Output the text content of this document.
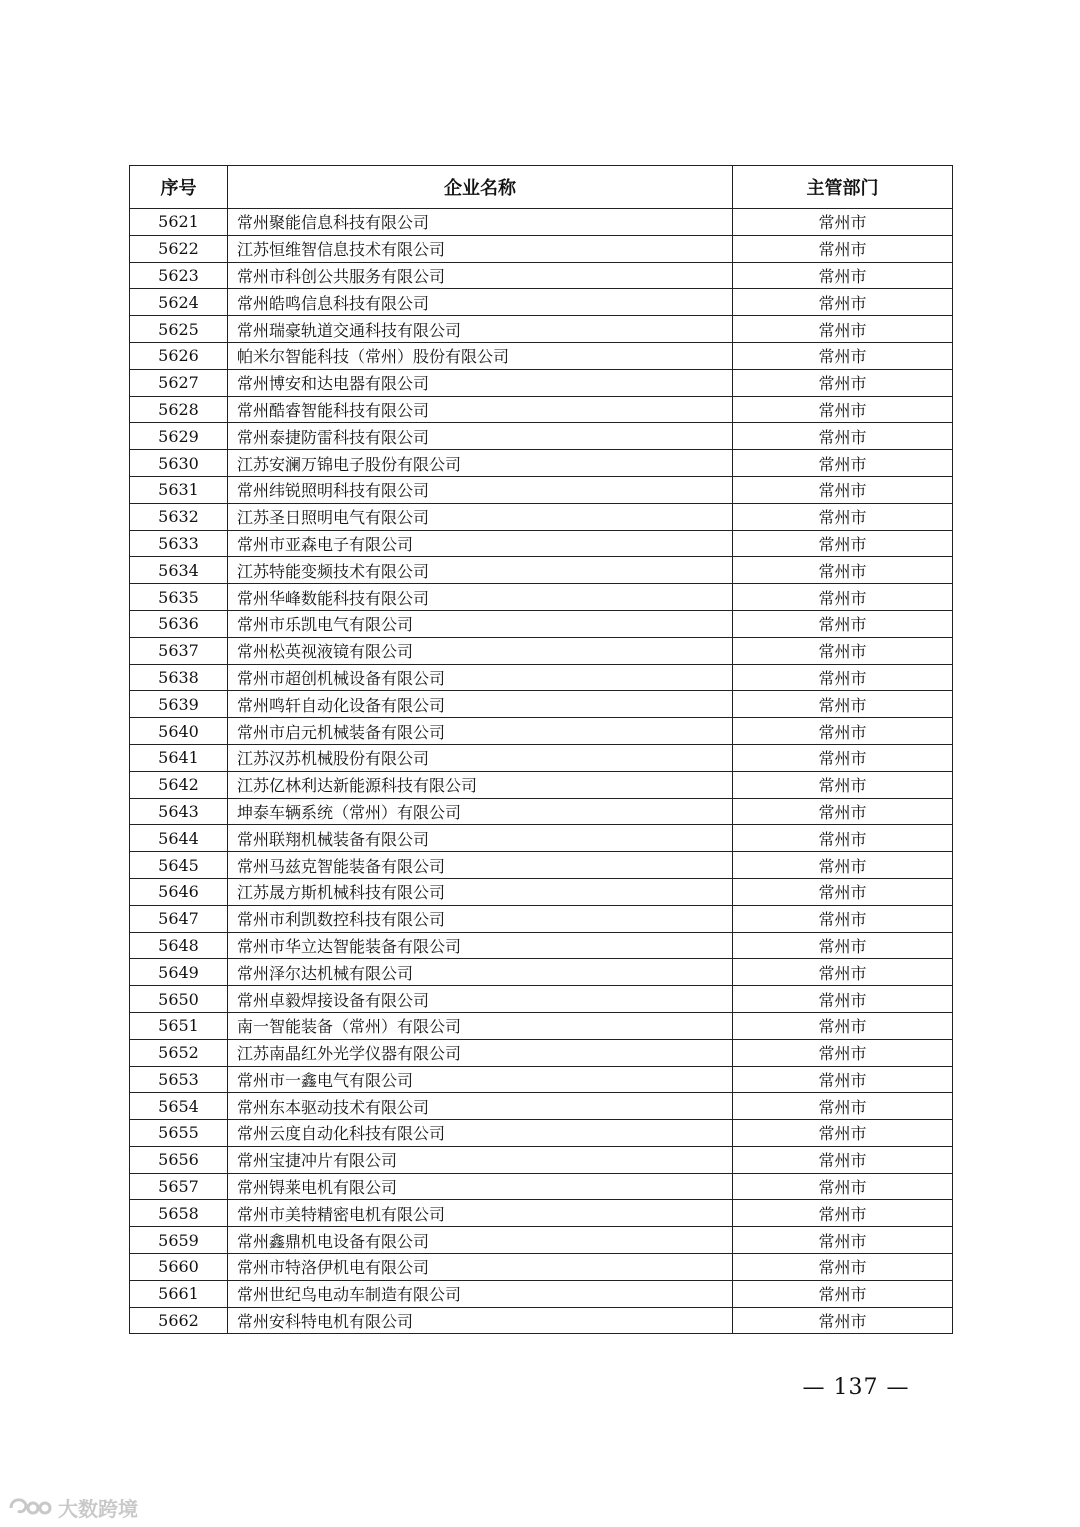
序号	企业名称	主管部门
5621	常州聚能信息科技有限公司	常州市
5622	江苏恒维智信息技术有限公司	常州市
5623	常州市科创公共服务有限公司	常州市
5624	常州皓鸣信息科技有限公司	常州市
5625	常州瑞豪轨道交通科技有限公司	常州市
5626	帕米尔智能科技（常州）股份有限公司	常州市
5627	常州博安和达电器有限公司	常州市
5628	常州酷睿智能科技有限公司	常州市
5629	常州泰捷防雷科技有限公司	常州市
5630	江苏安澜万锦电子股份有限公司	常州市
5631	常州纬锐照明科技有限公司	常州市
5632	江苏圣日照明电气有限公司	常州市
5633	常州市亚森电子有限公司	常州市
5634	江苏特能变频技术有限公司	常州市
5635	常州华峰数能科技有限公司	常州市
5636	常州市乐凯电气有限公司	常州市
5637	常州松英视液镜有限公司	常州市
5638	常州市超创机械设备有限公司	常州市
5639	常州鸣轩自动化设备有限公司	常州市
5640	常州市启元机械装备有限公司	常州市
5641	江苏汉苏机械股份有限公司	常州市
5642	江苏亿林利达新能源科技有限公司	常州市
5643	坤泰车辆系统（常州）有限公司	常州市
5644	常州联翔机械装备有限公司	常州市
5645	常州马兹克智能装备有限公司	常州市
5646	江苏晟方斯机械科技有限公司	常州市
5647	常州市利凯数控科技有限公司	常州市
5648	常州市华立达智能装备有限公司	常州市
5649	常州泽尔达机械有限公司	常州市
5650	常州卓毅焊接设备有限公司	常州市
5651	南一智能装备（常州）有限公司	常州市
5652	江苏南晶红外光学仪器有限公司	常州市
5653	常州市一鑫电气有限公司	常州市
5654	常州东本驱动技术有限公司	常州市
5655	常州云度自动化科技有限公司	常州市
5656	常州宝捷冲片有限公司	常州市
5657	常州锝莱电机有限公司	常州市
5658	常州市美特精密电机有限公司	常州市
5659	常州鑫鼎机电设备有限公司	常州市
5660	常州市特洛伊机电有限公司	常州市
5661	常州世纪鸟电动车制造有限公司	常州市
5662	常州安科特电机有限公司	常州市
— 137 —
大数跨境
